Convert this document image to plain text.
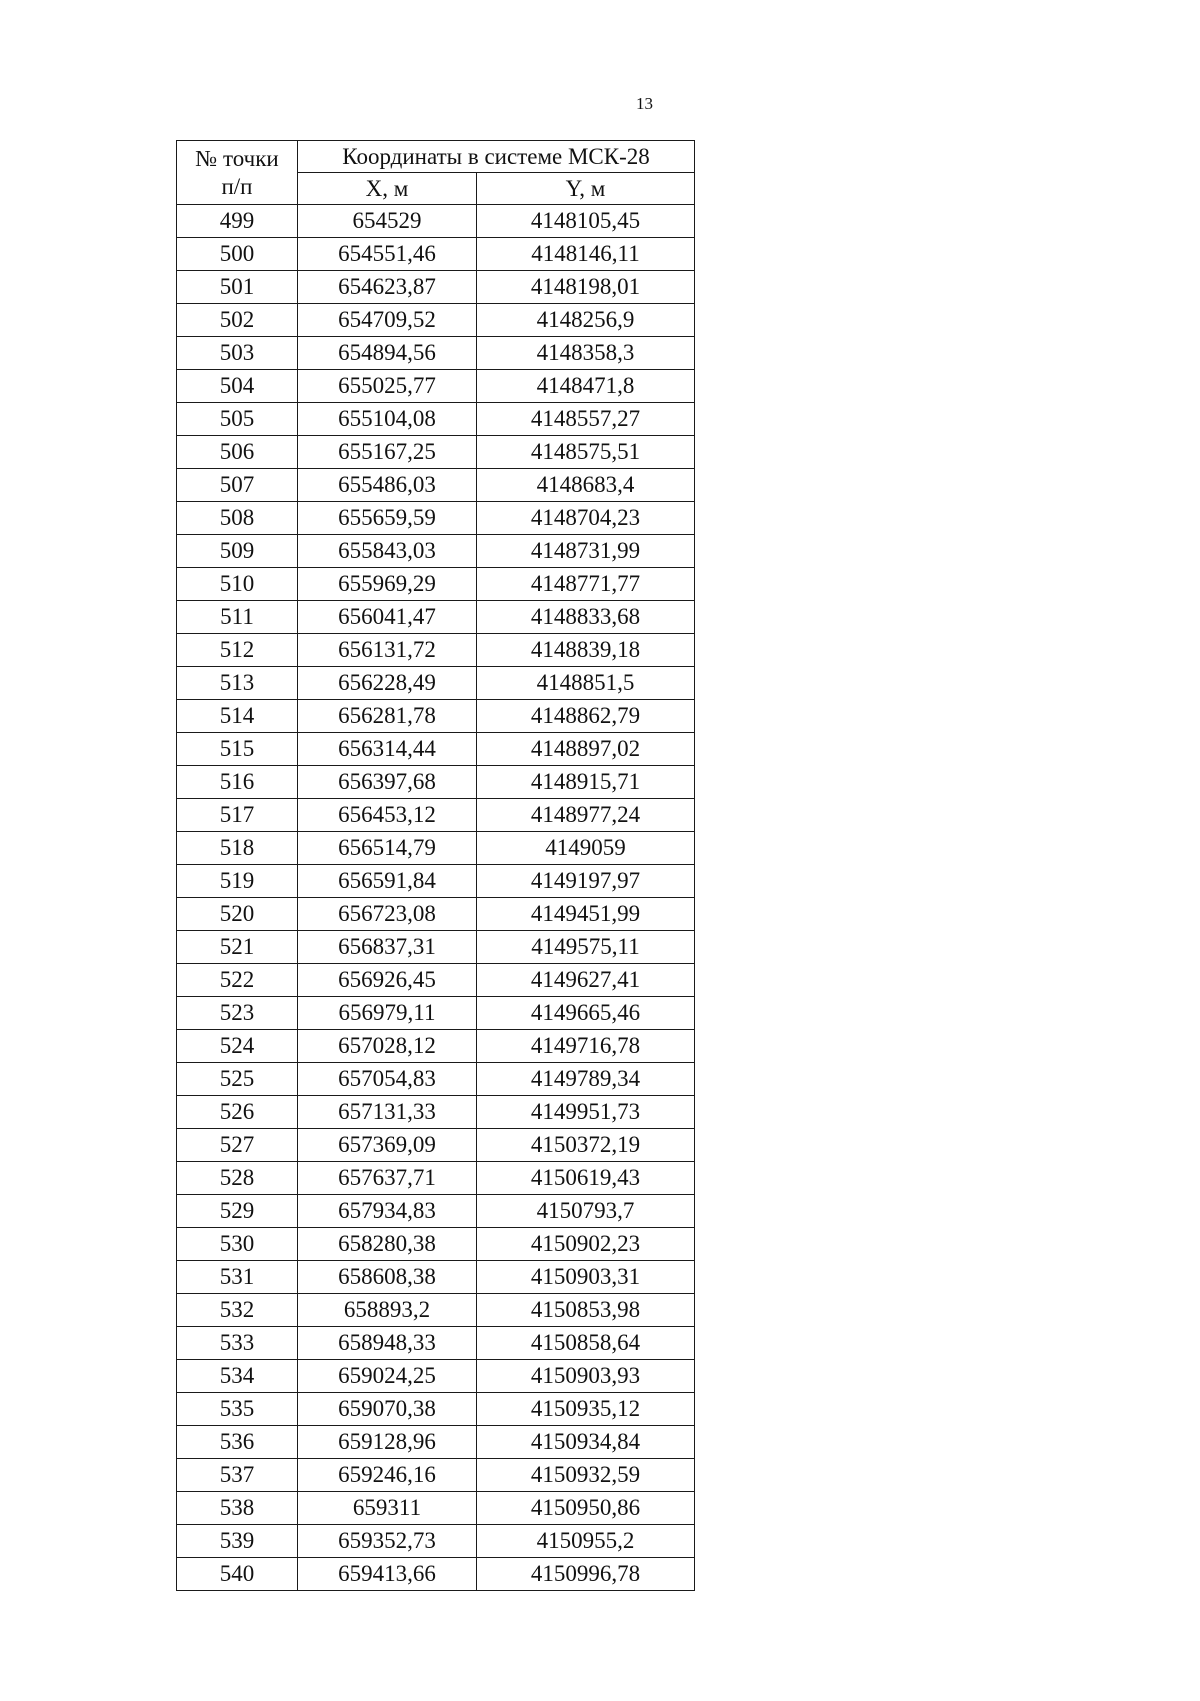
13
№ точки
п/п	Координаты в системе МСК-28	
	X, м	Y, м
499	654529	4148105,45
500	654551,46	4148146,11
501	654623,87	4148198,01
502	654709,52	4148256,9
503	654894,56	4148358,3
504	655025,77	4148471,8
505	655104,08	4148557,27
506	655167,25	4148575,51
507	655486,03	4148683,4
508	655659,59	4148704,23
509	655843,03	4148731,99
510	655969,29	4148771,77
511	656041,47	4148833,68
512	656131,72	4148839,18
513	656228,49	4148851,5
514	656281,78	4148862,79
515	656314,44	4148897,02
516	656397,68	4148915,71
517	656453,12	4148977,24
518	656514,79	4149059
519	656591,84	4149197,97
520	656723,08	4149451,99
521	656837,31	4149575,11
522	656926,45	4149627,41
523	656979,11	4149665,46
524	657028,12	4149716,78
525	657054,83	4149789,34
526	657131,33	4149951,73
527	657369,09	4150372,19
528	657637,71	4150619,43
529	657934,83	4150793,7
530	658280,38	4150902,23
531	658608,38	4150903,31
532	658893,2	4150853,98
533	658948,33	4150858,64
534	659024,25	4150903,93
535	659070,38	4150935,12
536	659128,96	4150934,84
537	659246,16	4150932,59
538	659311	4150950,86
539	659352,73	4150955,2
540	659413,66	4150996,78
